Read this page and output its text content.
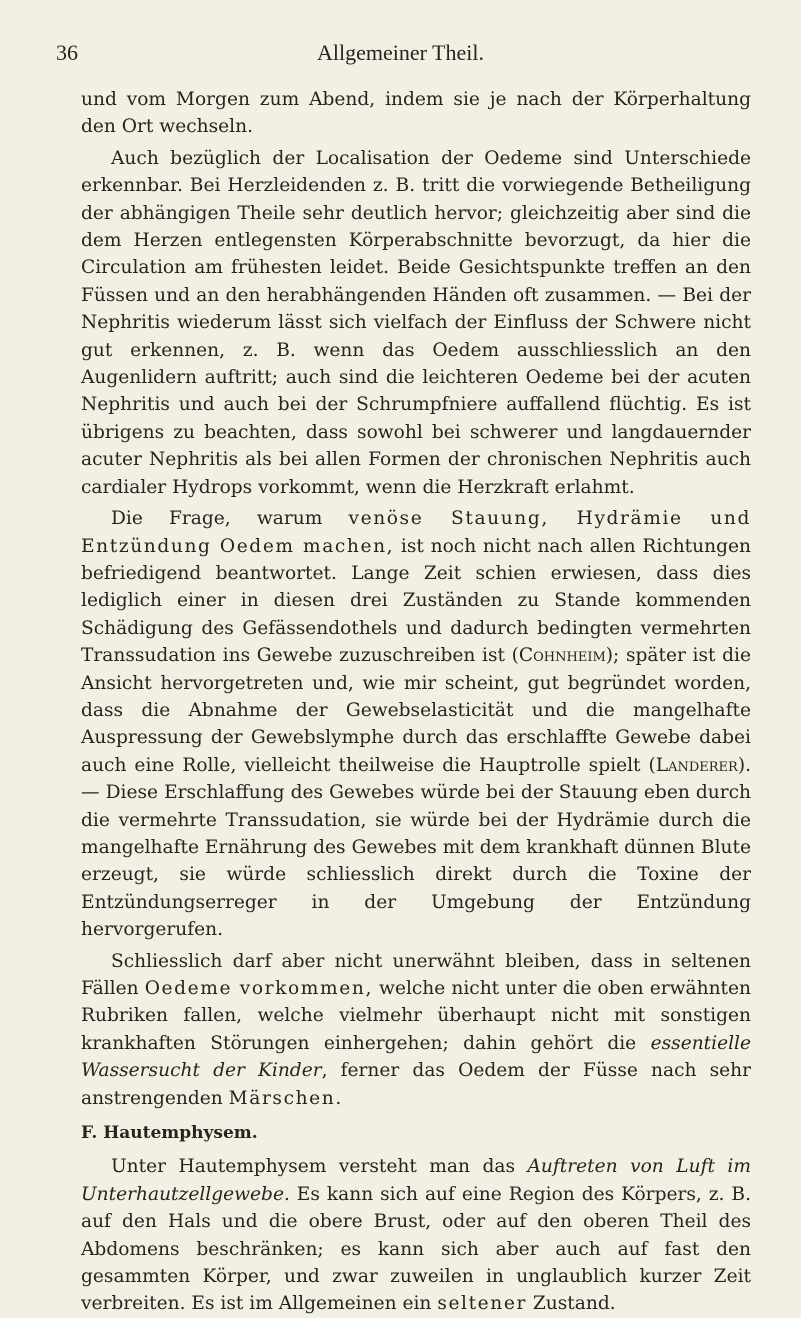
36	Allgemeiner Theil.

und vom Morgen zum Abend, indem sie je nach der Körperhaltung den Ort wechseln.

Auch bezüglich der Localisation der Oedeme sind Unterschiede erkennbar. Bei Herzleidenden z. B. tritt die vorwiegende Betheiligung der abhängigen Theile sehr deutlich hervor; gleichzeitig aber sind die dem Herzen entlegensten Körperabschnitte bevorzugt, da hier die Circulation am frühesten leidet. Beide Gesichtspunkte treffen an den Füssen und an den herabhängenden Händen oft zusammen. — Bei der Nephritis wiederum lässt sich vielfach der Einfluss der Schwere nicht gut erkennen, z. B. wenn das Oedem ausschliesslich an den Augenlidern auftritt; auch sind die leichteren Oedeme bei der acuten Nephritis und auch bei der Schrumpfniere auffallend flüchtig. Es ist übrigens zu beachten, dass sowohl bei schwerer und langdauernder acuter Nephritis als bei allen Formen der chronischen Nephritis auch cardialer Hydrops vorkommt, wenn die Herzkraft erlahmt.

Die Frage, warum venöse Stauung, Hydrämie und Entzündung Oedem machen, ist noch nicht nach allen Richtungen befriedigend beantwortet. Lange Zeit schien erwiesen, dass dies lediglich einer in diesen drei Zuständen zu Stande kommenden Schädigung des Gefässendothels und dadurch bedingten vermehrten Transsudation ins Gewebe zuzuschreiben ist (Cohnheim); später ist die Ansicht hervorgetreten und, wie mir scheint, gut begründet worden, dass die Abnahme der Gewebselasticität und die mangelhafte Auspressung der Gewebslymphe durch das erschlaffte Gewebe dabei auch eine Rolle, vielleicht theilweise die Hauptrolle spielt (Landerer). — Diese Erschlaffung des Gewebes würde bei der Stauung eben durch die vermehrte Transsudation, sie würde bei der Hydrämie durch die mangelhafte Ernährung des Gewebes mit dem krankhaft dünnen Blute erzeugt, sie würde schliesslich direkt durch die Toxine der Entzündungserreger in der Umgebung der Entzündung hervorgerufen.

Schliesslich darf aber nicht unerwähnt bleiben, dass in seltenen Fällen Oedeme vorkommen, welche nicht unter die oben erwähnten Rubriken fallen, welche vielmehr überhaupt nicht mit sonstigen krankhaften Störungen einhergehen; dahin gehört die essentielle Wassersucht der Kinder, ferner das Oedem der Füsse nach sehr anstrengenden Märschen.

F. Hautemphysem.

Unter Hautemphysem versteht man das Auftreten von Luft im Unterhautzellgewebe. Es kann sich auf eine Region des Körpers, z. B. auf den Hals und die obere Brust, oder auf den oberen Theil des Abdomens beschränken; es kann sich aber auch auf fast den gesammten Körper, und zwar zuweilen in unglaublich kurzer Zeit verbreiten. Es ist im Allgemeinen ein seltener Zustand.
